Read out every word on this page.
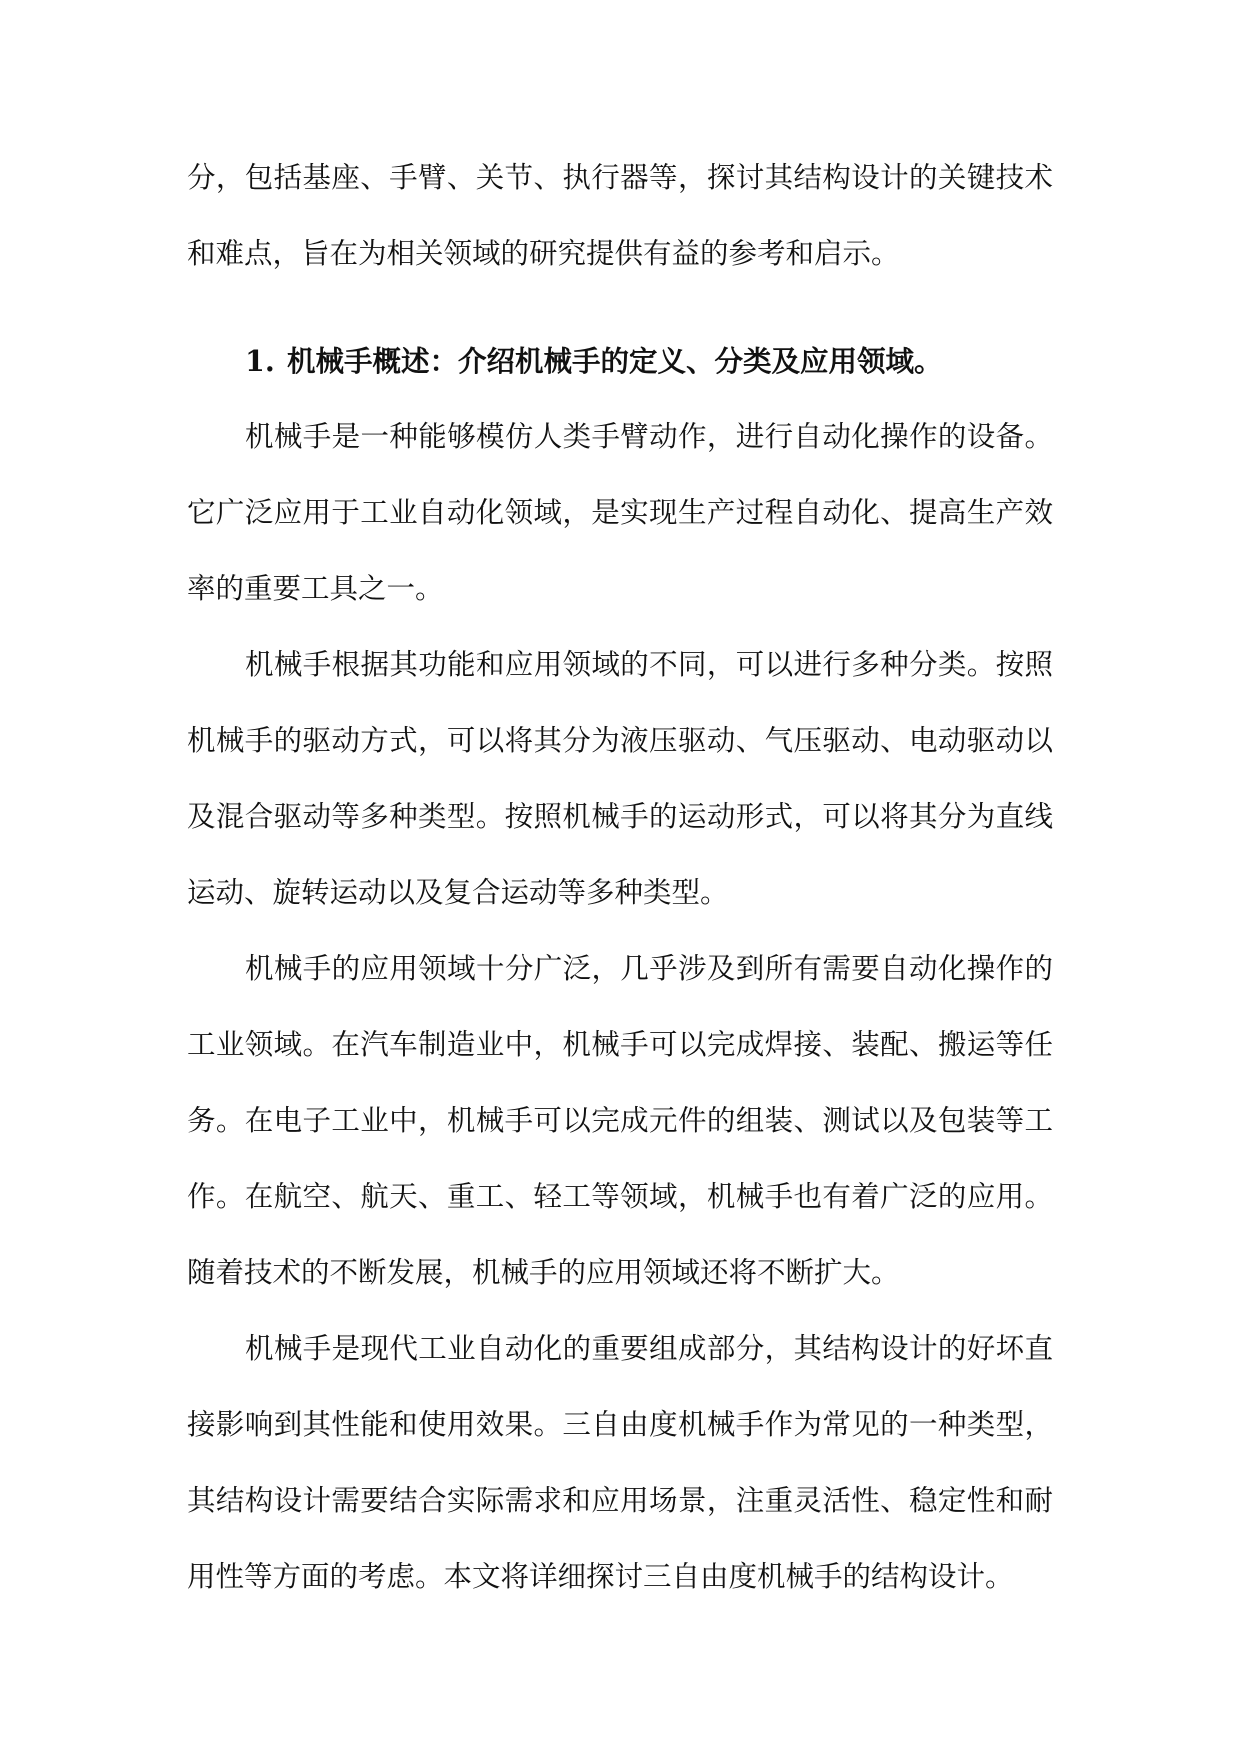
分，包括基座、手臂、关节、执行器等，探讨其结构设计的关键技术和难点，旨在为相关领域的研究提供有益的参考和启示。

1. 机械手概述：介绍机械手的定义、分类及应用领域。

机械手是一种能够模仿人类手臂动作，进行自动化操作的设备。它广泛应用于工业自动化领域，是实现生产过程自动化、提高生产效率的重要工具之一。

机械手根据其功能和应用领域的不同，可以进行多种分类。按照机械手的驱动方式，可以将其分为液压驱动、气压驱动、电动驱动以及混合驱动等多种类型。按照机械手的运动形式，可以将其分为直线运动、旋转运动以及复合运动等多种类型。

机械手的应用领域十分广泛，几乎涉及到所有需要自动化操作的工业领域。在汽车制造业中，机械手可以完成焊接、装配、搬运等任务。在电子工业中，机械手可以完成元件的组装、测试以及包装等工作。在航空、航天、重工、轻工等领域，机械手也有着广泛的应用。随着技术的不断发展，机械手的应用领域还将不断扩大。

机械手是现代工业自动化的重要组成部分，其结构设计的好坏直接影响到其性能和使用效果。三自由度机械手作为常见的一种类型，其结构设计需要结合实际需求和应用场景，注重灵活性、稳定性和耐用性等方面的考虑。本文将详细探讨三自由度机械手的结构设计。
